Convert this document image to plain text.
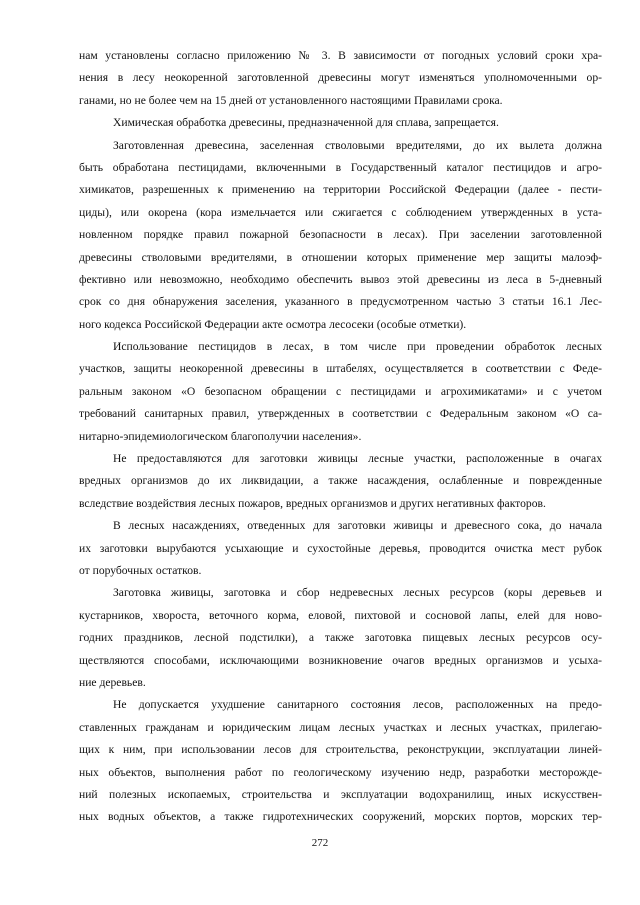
нам установлены согласно приложению № 3. В зависимости от погодных условий сроки хра-
нения в лесу неокоренной заготовленной древесины могут изменяться уполномоченными ор-
ганами, но не более чем на 15 дней от установленного настоящими Правилами срока.
Химическая обработка древесины, предназначенной для сплава, запрещается.
Заготовленная древесина, заселенная стволовыми вредителями, до их вылета должна
быть обработана пестицидами, включенными в Государственный каталог пестицидов и агро-
химикатов, разрешенных к применению на территории Российской Федерации (далее - пести-
циды), или окорена (кора измельчается или сжигается с соблюдением утвержденных в уста-
новленном порядке правил пожарной безопасности в лесах). При заселении заготовленной
древесины стволовыми вредителями, в отношении которых применение мер защиты малоэф-
фективно или невозможно, необходимо обеспечить вывоз этой древесины из леса в 5-дневный
срок со дня обнаружения заселения, указанного в предусмотренном частью 3 статьи 16.1 Лес-
ного кодекса Российской Федерации акте осмотра лесосеки (особые отметки).
Использование пестицидов в лесах, в том числе при проведении обработок лесных
участков, защиты неокоренной древесины в штабелях, осуществляется в соответствии с Феде-
ральным законом «О безопасном обращении с пестицидами и агрохимикатами» и с учетом
требований санитарных правил, утвержденных в соответствии с Федеральным законом «О са-
нитарно-эпидемиологическом благополучии населения».
Не предоставляются для заготовки живицы лесные участки, расположенные в очагах
вредных организмов до их ликвидации, а также насаждения, ослабленные и поврежденные
вследствие воздействия лесных пожаров, вредных организмов и других негативных факторов.
В лесных насаждениях, отведенных для заготовки живицы и древесного сока, до начала
их заготовки вырубаются усыхающие и сухостойные деревья, проводится очистка мест рубок
от порубочных остатков.
Заготовка живицы, заготовка и сбор недревесных лесных ресурсов (коры деревьев и
кустарников, хвороста, веточного корма, еловой, пихтовой и сосновой лапы, елей для ново-
годних праздников, лесной подстилки), а также заготовка пищевых лесных ресурсов осу-
ществляются способами, исключающими возникновение очагов вредных организмов и усыха-
ние деревьев.
Не допускается ухудшение санитарного состояния лесов, расположенных на предо-
ставленных гражданам и юридическим лицам лесных участках и лесных участках, прилегаю-
щих к ним, при использовании лесов для строительства, реконструкции, эксплуатации линей-
ных объектов, выполнения работ по геологическому изучению недр, разработки месторожде-
ний полезных ископаемых, строительства и эксплуатации водохранилищ, иных искусствен-
ных водных объектов, а также гидротехнических сооружений, морских портов, морских тер-
272
